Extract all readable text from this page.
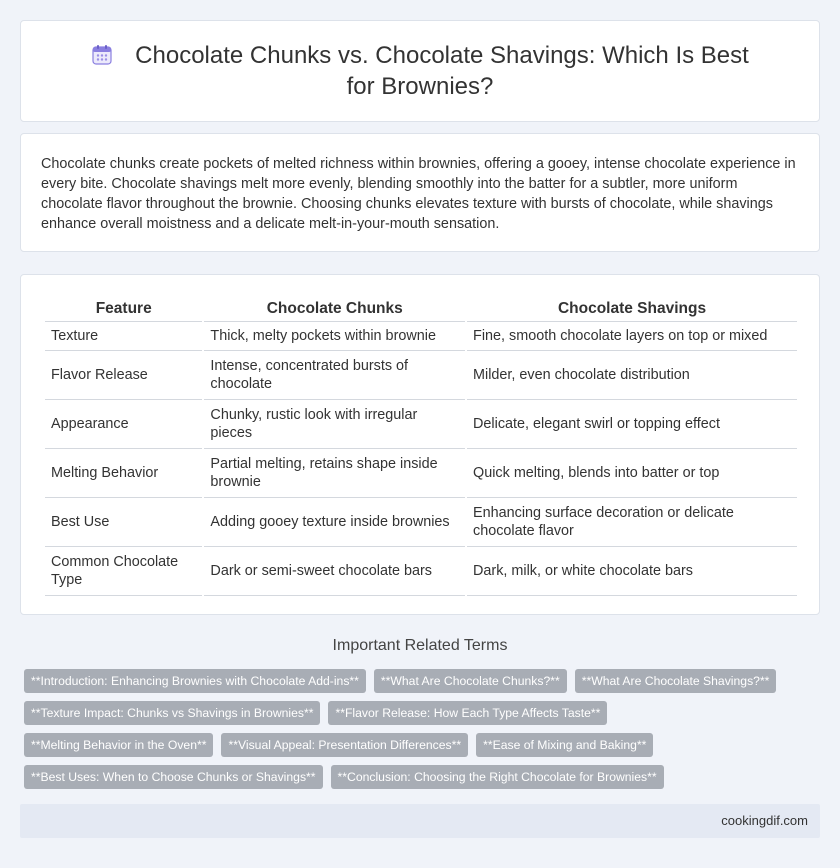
Chocolate Chunks vs. Chocolate Shavings: Which Is Best for Brownies?

Chocolate chunks create pockets of melted richness within brownies, offering a gooey, intense chocolate experience in every bite. Chocolate shavings melt more evenly, blending smoothly into the batter for a subtler, more uniform chocolate flavor throughout the brownie. Choosing chunks elevates texture with bursts of chocolate, while shavings enhance overall moistness and a delicate melt-in-your-mouth sensation.

Feature	Chocolate Chunks	Chocolate Shavings
Texture	Thick, melty pockets within brownie	Fine, smooth chocolate layers on top or mixed
Flavor Release	Intense, concentrated bursts of chocolate	Milder, even chocolate distribution
Appearance	Chunky, rustic look with irregular pieces	Delicate, elegant swirl or topping effect
Melting Behavior	Partial melting, retains shape inside brownie	Quick melting, blends into batter or top
Best Use	Adding gooey texture inside brownies	Enhancing surface decoration or delicate chocolate flavor
Common Chocolate Type	Dark or semi-sweet chocolate bars	Dark, milk, or white chocolate bars
Important Related Terms
**Introduction: Enhancing Brownies with Chocolate Add-ins**	**What Are Chocolate Chunks?**	**What Are Chocolate Shavings?**
**Texture Impact: Chunks vs Shavings in Brownies**	**Flavor Release: How Each Type Affects Taste**
**Melting Behavior in the Oven**	**Visual Appeal: Presentation Differences**	**Ease of Mixing and Baking**
**Best Uses: When to Choose Chunks or Shavings**	**Conclusion: Choosing the Right Chocolate for Brownies**
cookingdif.com
